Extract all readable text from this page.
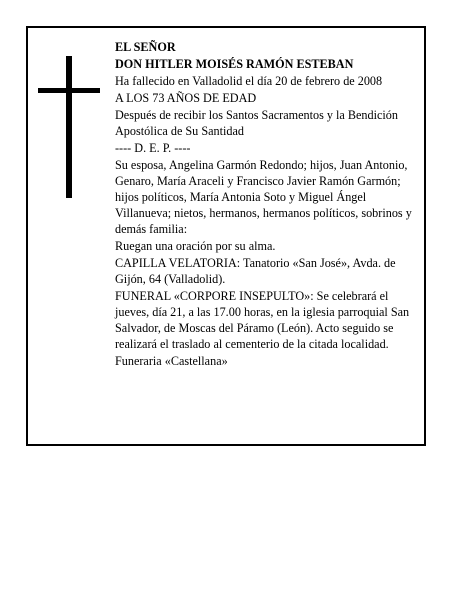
EL SEÑOR

DON HITLER MOISÉS RAMÓN ESTEBAN

Ha fallecido en Valladolid el día 20 de febrero de 2008

A LOS 73 AÑOS DE EDAD

Después de recibir los Santos Sacramentos y la Bendición Apostólica de Su Santidad

---- D. E. P. ----

Su esposa, Angelina Garmón Redondo; hijos, Juan Antonio, Genaro, María Araceli y Francisco Javier Ramón Garmón; hijos políticos, María Antonia Soto y Miguel Ángel Villanueva; nietos, hermanos, hermanos políticos, sobrinos y demás familia:

Ruegan una oración por su alma.

CAPILLA VELATORIA: Tanatorio «San José», Avda. de Gijón, 64 (Valladolid).

FUNERAL «CORPORE INSEPULTO»: Se celebrará el jueves, día 21, a las 17.00 horas, en la iglesia parroquial San Salvador, de Moscas del Páramo (León). Acto seguido se realizará el traslado al cementerio de la citada localidad.

Funeraria «Castellana»
